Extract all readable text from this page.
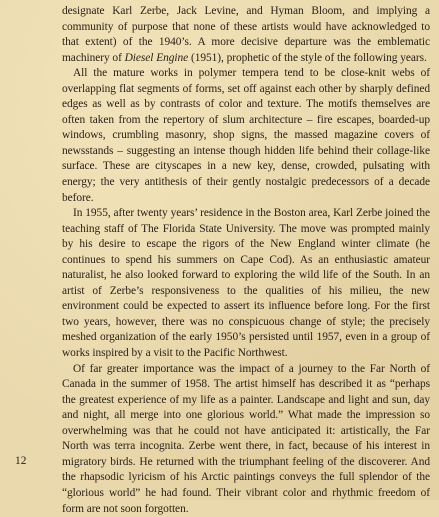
designate Karl Zerbe, Jack Levine, and Hyman Bloom, and implying a community of purpose that none of these artists would have acknowledged to that extent) of the 1940’s. A more decisive departure was the emblematic machinery of Diesel Engine (1951), prophetic of the style of the following years.

All the mature works in polymer tempera tend to be close-knit webs of overlapping flat segments of forms, set off against each other by sharply defined edges as well as by contrasts of color and texture. The motifs themselves are often taken from the repertory of slum architecture – fire escapes, boarded-up windows, crumbling masonry, shop signs, the massed magazine covers of newsstands – suggesting an intense though hidden life behind their collage-like surface. These are cityscapes in a new key, dense, crowded, pulsating with energy; the very antithesis of their gently nostalgic predecessors of a decade before.

In 1955, after twenty years’ residence in the Boston area, Karl Zerbe joined the teaching staff of The Florida State University. The move was prompted mainly by his desire to escape the rigors of the New England winter climate (he continues to spend his summers on Cape Cod). As an enthusiastic amateur naturalist, he also looked forward to exploring the wild life of the South. In an artist of Zerbe’s responsiveness to the qualities of his milieu, the new environment could be expected to assert its influence before long. For the first two years, however, there was no conspicuous change of style; the precisely meshed organization of the early 1950’s persisted until 1957, even in a group of works inspired by a visit to the Pacific Northwest.

Of far greater importance was the impact of a journey to the Far North of Canada in the summer of 1958. The artist himself has described it as “perhaps the greatest experience of my life as a painter. Landscape and light and sun, day and night, all merge into one glorious world.” What made the impression so overwhelming was that he could not have anticipated it: artistically, the Far North was terra incognita. Zerbe went there, in fact, because of his interest in migratory birds. He returned with the triumphant feeling of the discoverer. And the rhapsodic lyricism of his Arctic paintings conveys the full splendor of the “glorious world” he had found. Their vibrant color and rhythmic freedom of form are not soon forgotten.

12
